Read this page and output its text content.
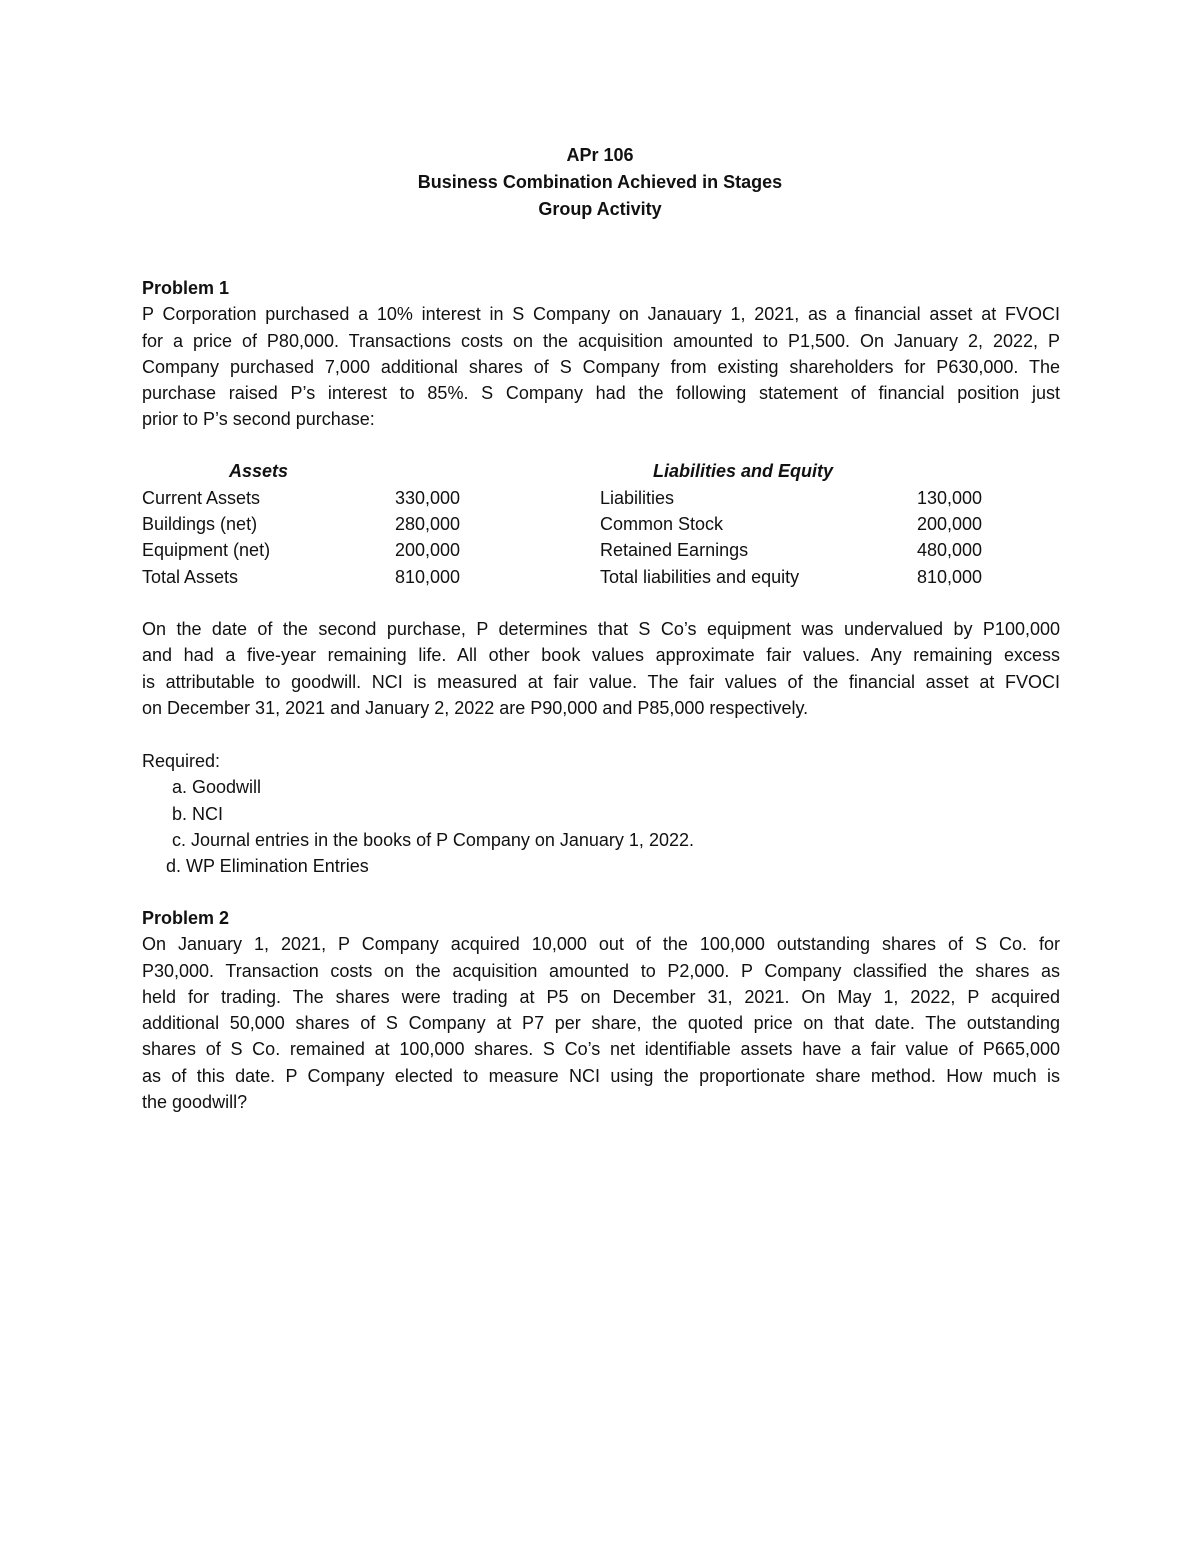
APr 106
Business Combination Achieved in Stages
Group Activity
Problem 1
P Corporation purchased a 10% interest in S Company on Janauary 1, 2021, as a financial asset at FVOCI
for a price of P80,000. Transactions costs on the acquisition amounted to P1,500. On January 2, 2022, P
Company purchased 7,000 additional shares of S Company from existing shareholders for P630,000. The
purchase raised P’s interest to 85%. S Company had the following statement of financial position just
prior to P’s second purchase:
Assets	Liabilities and Equity
Current Assets	330,000	Liabilities	130,000
Buildings (net)	280,000	Common Stock	200,000
Equipment (net)	200,000	Retained Earnings	480,000
Total Assets	810,000	Total liabilities and equity	810,000
On the date of the second purchase, P determines that S Co’s equipment was undervalued by P100,000
and had a five-year remaining life. All other book values approximate fair values. Any remaining excess
is attributable to goodwill. NCI is measured at fair value. The fair values of the financial asset at FVOCI
on December 31, 2021 and January 2, 2022 are P90,000 and P85,000 respectively.
Required:
a. Goodwill
b. NCI
c. Journal entries in the books of P Company on January 1, 2022.
d. WP Elimination Entries
Problem 2
On January 1, 2021, P Company acquired 10,000 out of the 100,000 outstanding shares of S Co. for
P30,000. Transaction costs on the acquisition amounted to P2,000. P Company classified the shares as
held for trading. The shares were trading at P5 on December 31, 2021. On May 1, 2022, P acquired
additional 50,000 shares of S Company at P7 per share, the quoted price on that date. The outstanding
shares of S Co. remained at 100,000 shares. S Co’s net identifiable assets have a fair value of P665,000
as of this date. P Company elected to measure NCI using the proportionate share method. How much is
the goodwill?
